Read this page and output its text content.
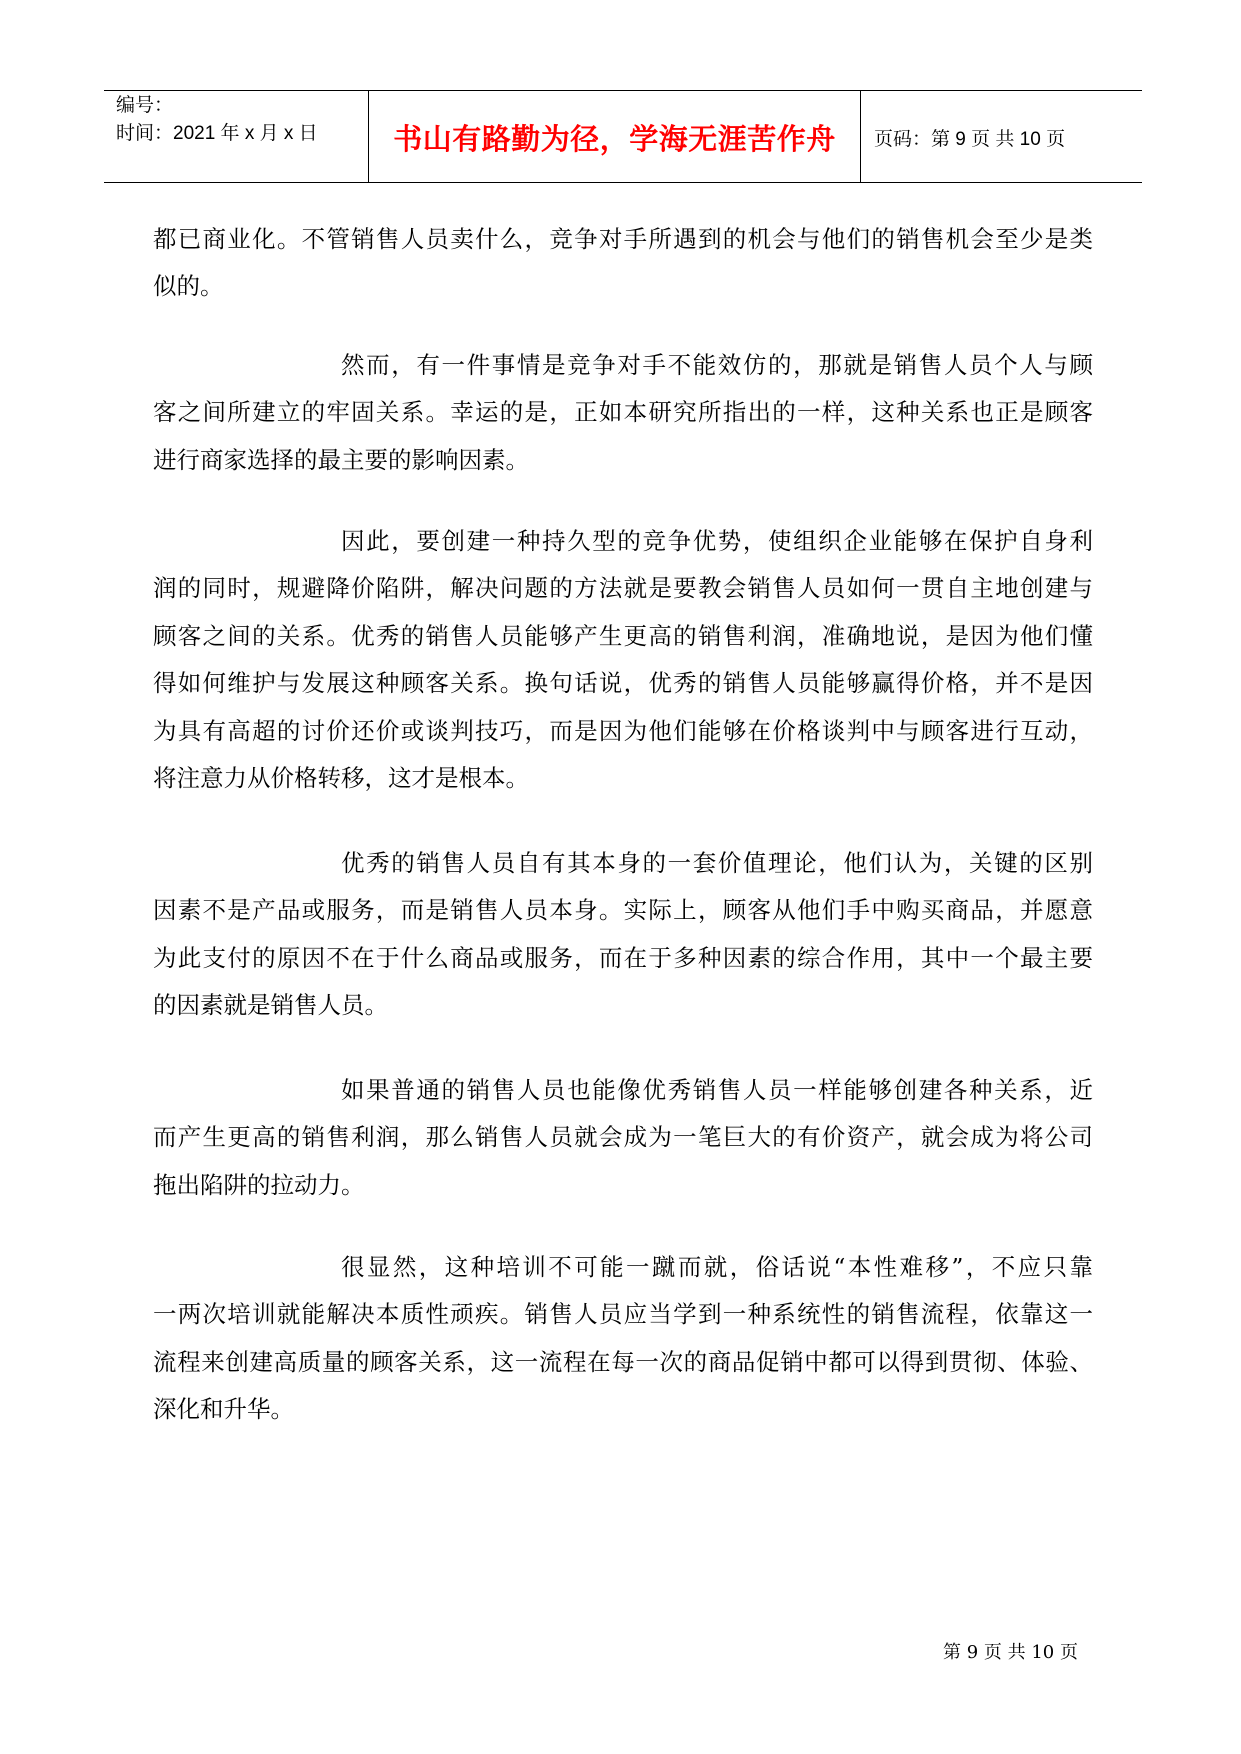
编号：
时间：2021 年 x 月 x 日	书山有路勤为径，学海无涯苦作舟 页码：第 9 页 共 10 页
都已商业化。不管销售人员卖什么，竞争对手所遇到的机会与他们的销售机会至少是类
似的。
然而，有一件事情是竞争对手不能效仿的，那就是销售人员个人与顾
客之间所建立的牢固关系。幸运的是，正如本研究所指出的一样，这种关系也正是顾客
进行商家选择的最主要的影响因素。
因此，要创建一种持久型的竞争优势，使组织企业能够在保护自身利
润的同时，规避降价陷阱，解决问题的方法就是要教会销售人员如何一贯自主地创建与
顾客之间的关系。优秀的销售人员能够产生更高的销售利润，准确地说，是因为他们懂
得如何维护与发展这种顾客关系。换句话说，优秀的销售人员能够赢得价格，并不是因
为具有高超的讨价还价或谈判技巧，而是因为他们能够在价格谈判中与顾客进行互动，
将注意力从价格转移，这才是根本。
优秀的销售人员自有其本身的一套价值理论，他们认为，关键的区别
因素不是产品或服务，而是销售人员本身。实际上，顾客从他们手中购买商品，并愿意
为此支付的原因不在于什么商品或服务，而在于多种因素的综合作用，其中一个最主要
的因素就是销售人员。
如果普通的销售人员也能像优秀销售人员一样能够创建各种关系，近
而产生更高的销售利润，那么销售人员就会成为一笔巨大的有价资产，就会成为将公司
拖出陷阱的拉动力。
很显然，这种培训不可能一蹴而就，俗话说“本性难移”，不应只靠
一两次培训就能解决本质性顽疾。销售人员应当学到一种系统性的销售流程，依靠这一
流程来创建高质量的顾客关系，这一流程在每一次的商品促销中都可以得到贯彻、体验、
深化和升华。
第 9 页 共 10 页
